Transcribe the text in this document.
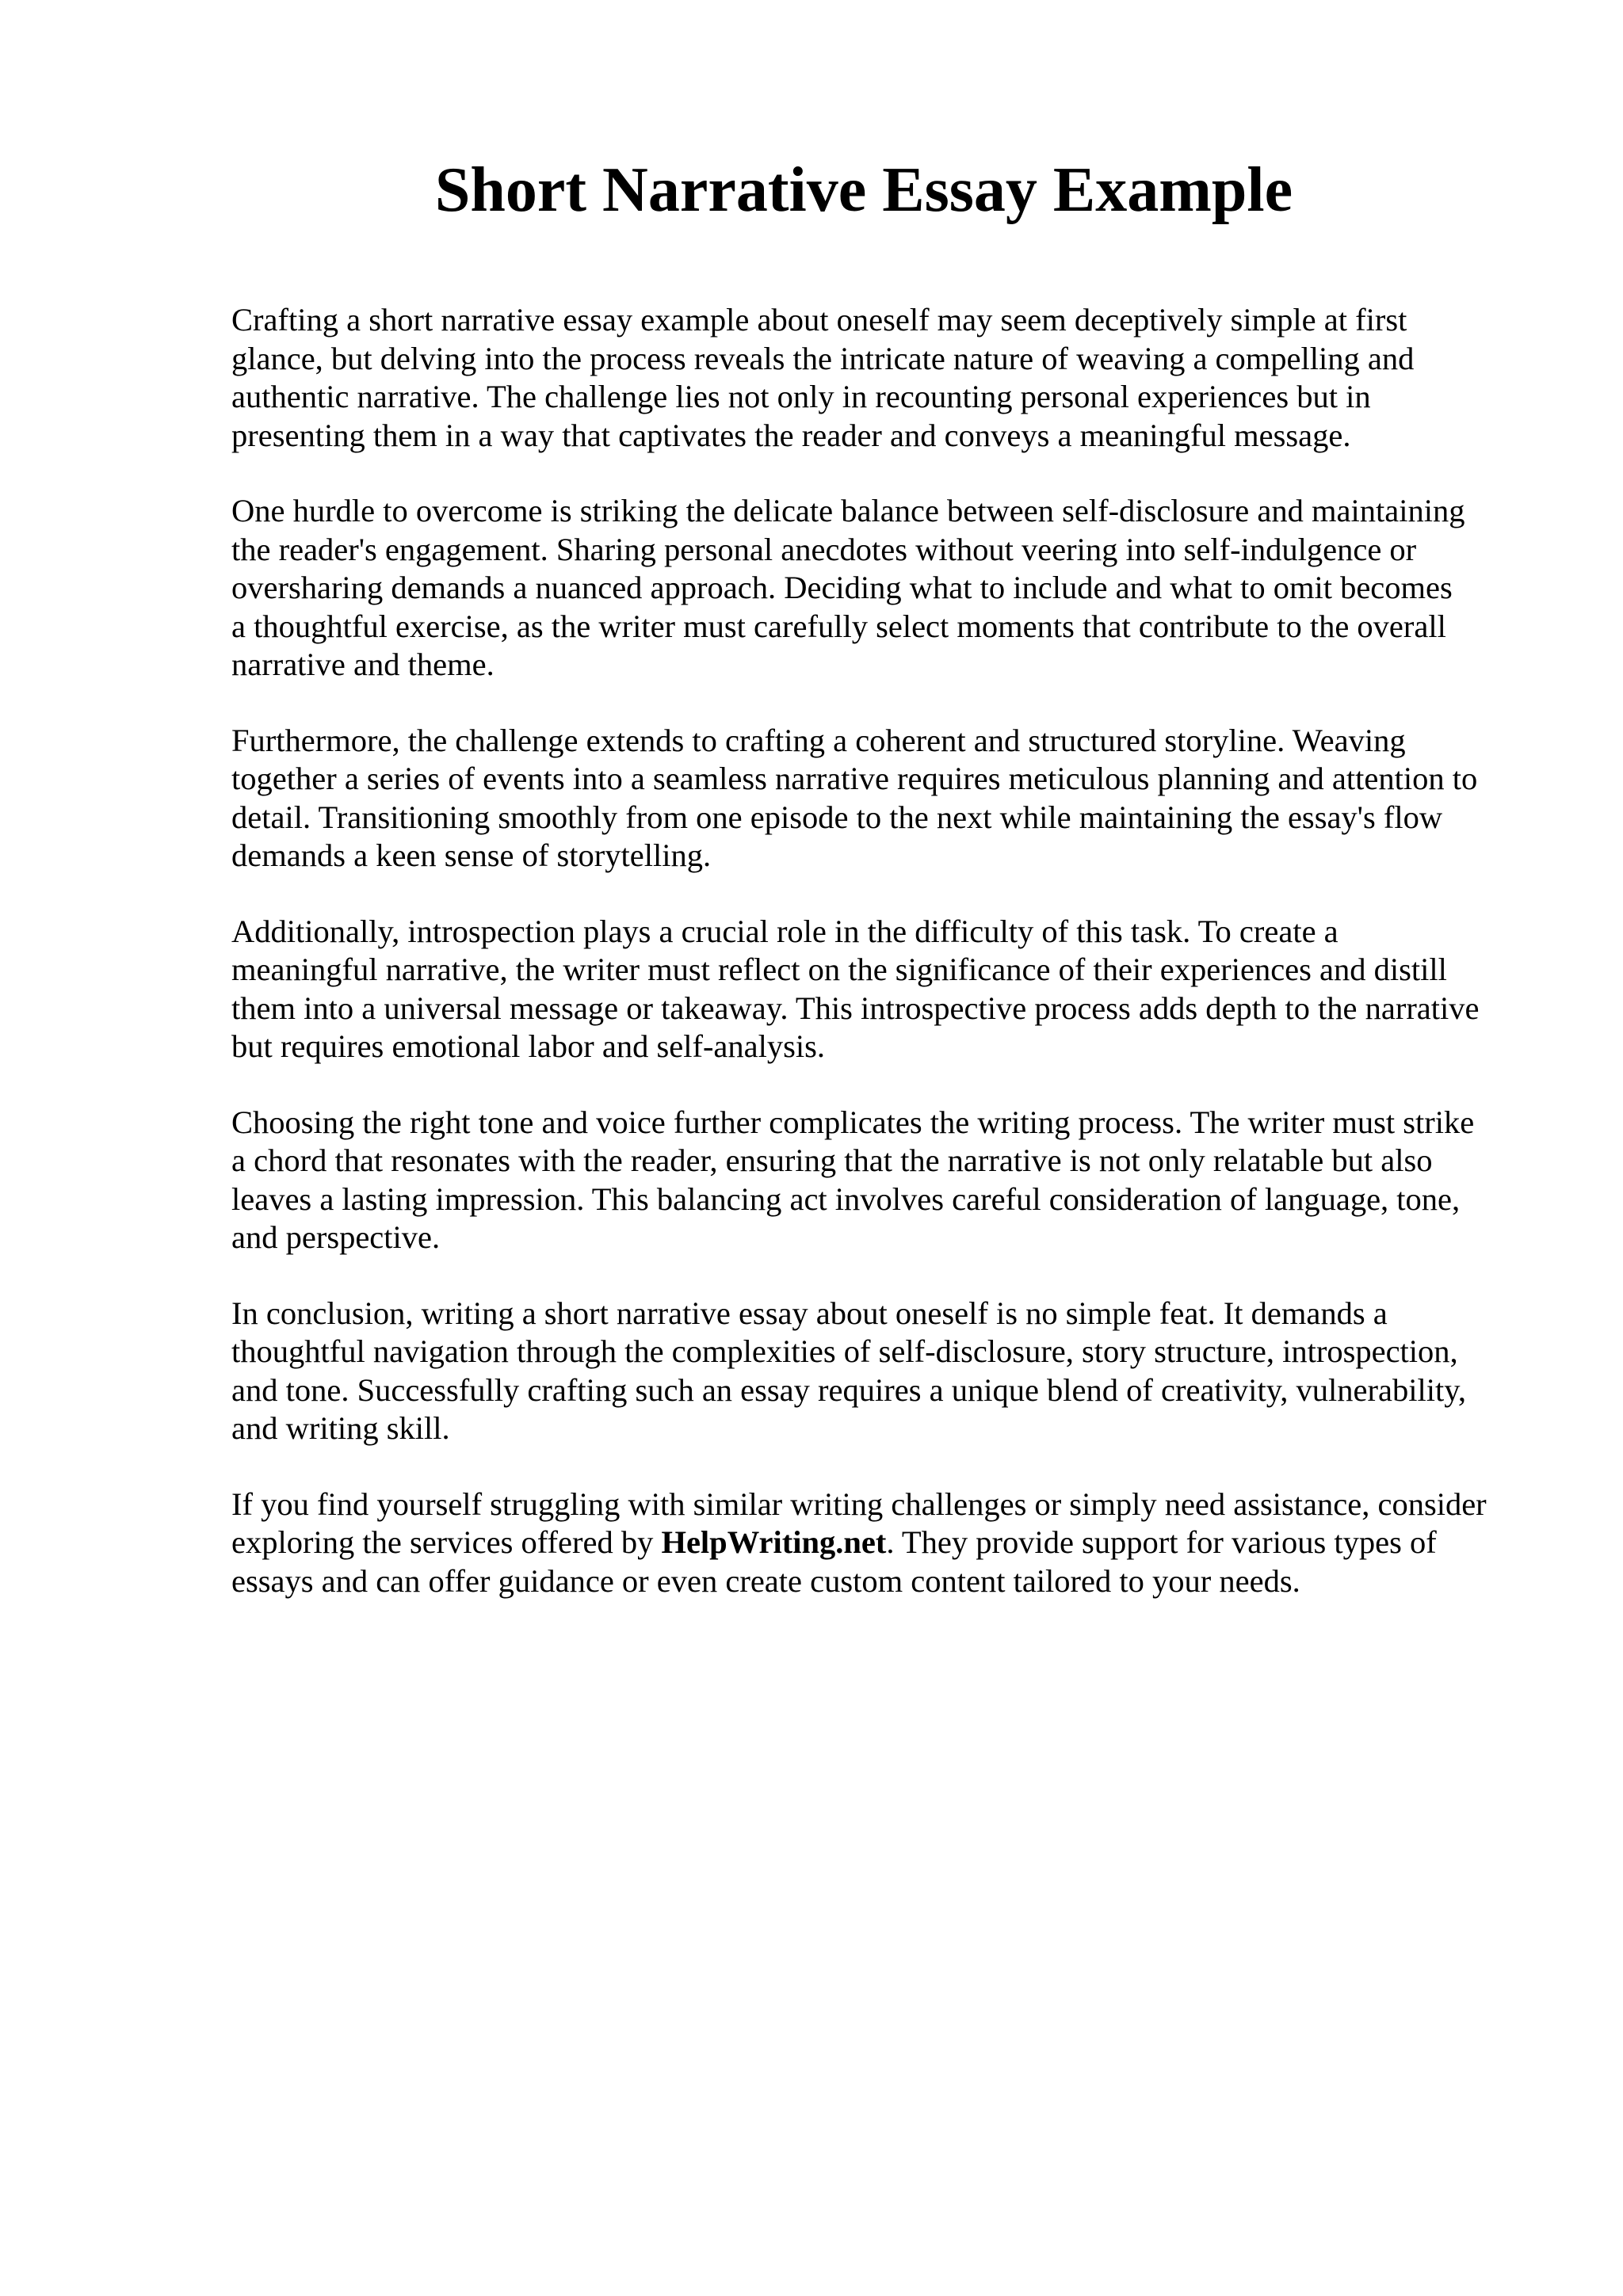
Short Narrative Essay Example

Crafting a short narrative essay example about oneself may seem deceptively simple at first
glance, but delving into the process reveals the intricate nature of weaving a compelling and
authentic narrative. The challenge lies not only in recounting personal experiences but in
presenting them in a way that captivates the reader and conveys a meaningful message.

One hurdle to overcome is striking the delicate balance between self-disclosure and maintaining
the reader's engagement. Sharing personal anecdotes without veering into self-indulgence or
oversharing demands a nuanced approach. Deciding what to include and what to omit becomes
a thoughtful exercise, as the writer must carefully select moments that contribute to the overall
narrative and theme.

Furthermore, the challenge extends to crafting a coherent and structured storyline. Weaving
together a series of events into a seamless narrative requires meticulous planning and attention to
detail. Transitioning smoothly from one episode to the next while maintaining the essay's flow
demands a keen sense of storytelling.

Additionally, introspection plays a crucial role in the difficulty of this task. To create a
meaningful narrative, the writer must reflect on the significance of their experiences and distill
them into a universal message or takeaway. This introspective process adds depth to the narrative
but requires emotional labor and self-analysis.

Choosing the right tone and voice further complicates the writing process. The writer must strike
a chord that resonates with the reader, ensuring that the narrative is not only relatable but also
leaves a lasting impression. This balancing act involves careful consideration of language, tone,
and perspective.

In conclusion, writing a short narrative essay about oneself is no simple feat. It demands a
thoughtful navigation through the complexities of self-disclosure, story structure, introspection,
and tone. Successfully crafting such an essay requires a unique blend of creativity, vulnerability,
and writing skill.

If you find yourself struggling with similar writing challenges or simply need assistance, consider
exploring the services offered by HelpWriting.net. They provide support for various types of
essays and can offer guidance or even create custom content tailored to your needs.
